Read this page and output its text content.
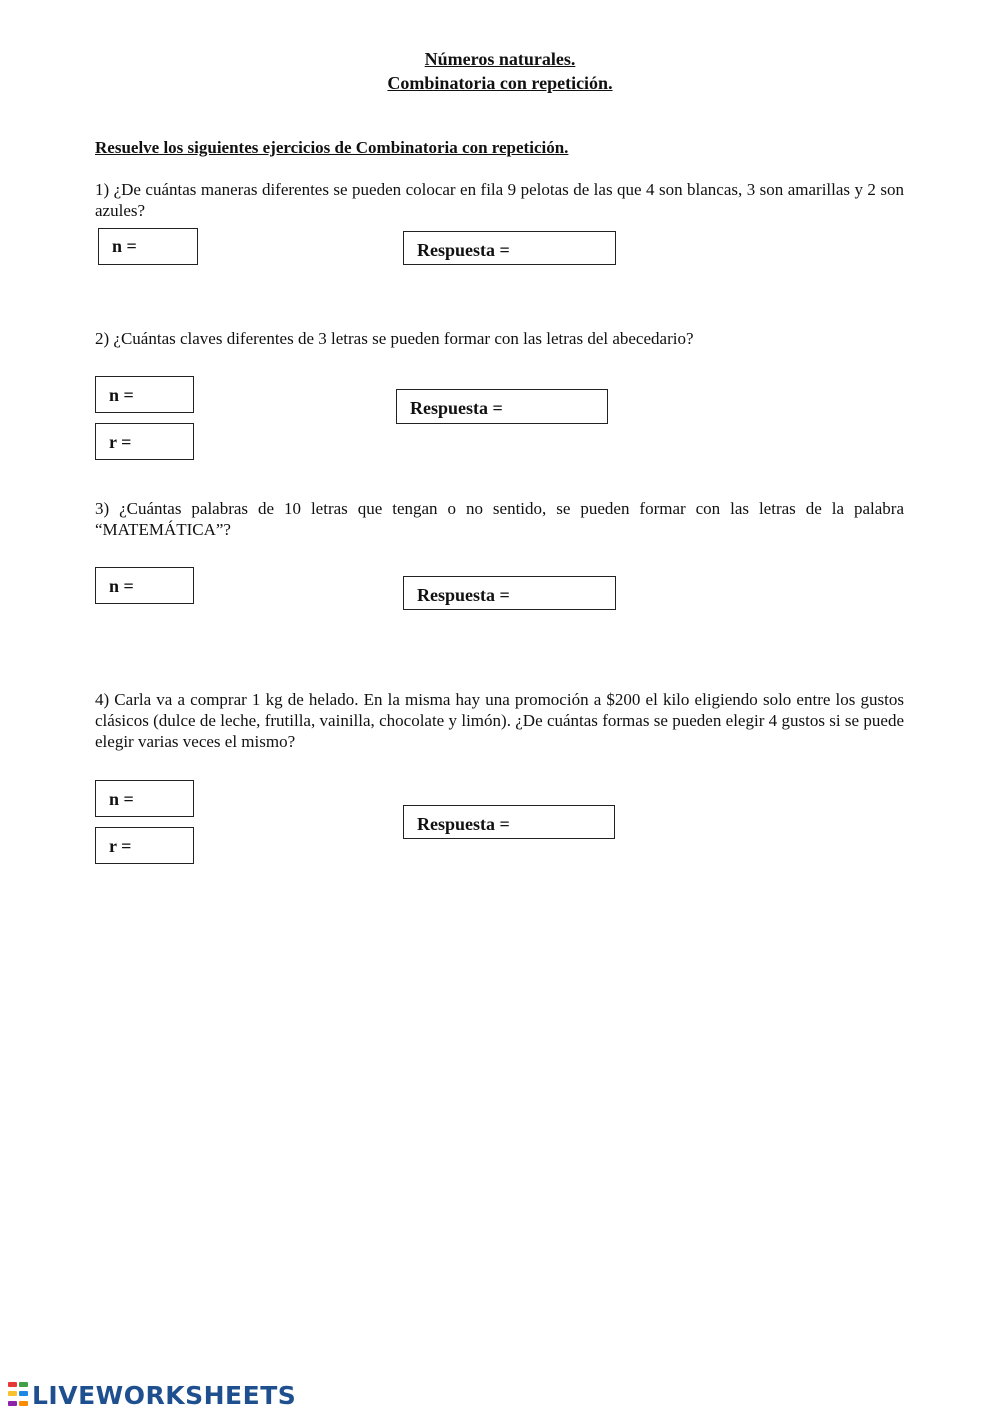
Números naturales.
Combinatoria con repetición.
Resuelve los siguientes ejercicios de Combinatoria con repetición.
1) ¿De cuántas maneras diferentes se pueden colocar en fila 9 pelotas de las que 4 son blancas, 3 son amarillas y 2 son azules?
n =	Respuesta =
2) ¿Cuántas claves diferentes de 3 letras se pueden formar con las letras del abecedario?
n =
r =
Respuesta =
3) ¿Cuántas palabras de 10 letras que tengan o no sentido, se pueden formar con las letras de la palabra “MATEMÁTICA”?
n =	Respuesta =
4) Carla va a comprar 1 kg de helado. En la misma hay una promoción a $200 el kilo eligiendo solo entre los gustos clásicos (dulce de leche, frutilla, vainilla, chocolate y limón). ¿De cuántas formas se pueden elegir 4 gustos si se puede elegir varias veces el mismo?
n =
r =
Respuesta =
LIVEWORKSHEETS
